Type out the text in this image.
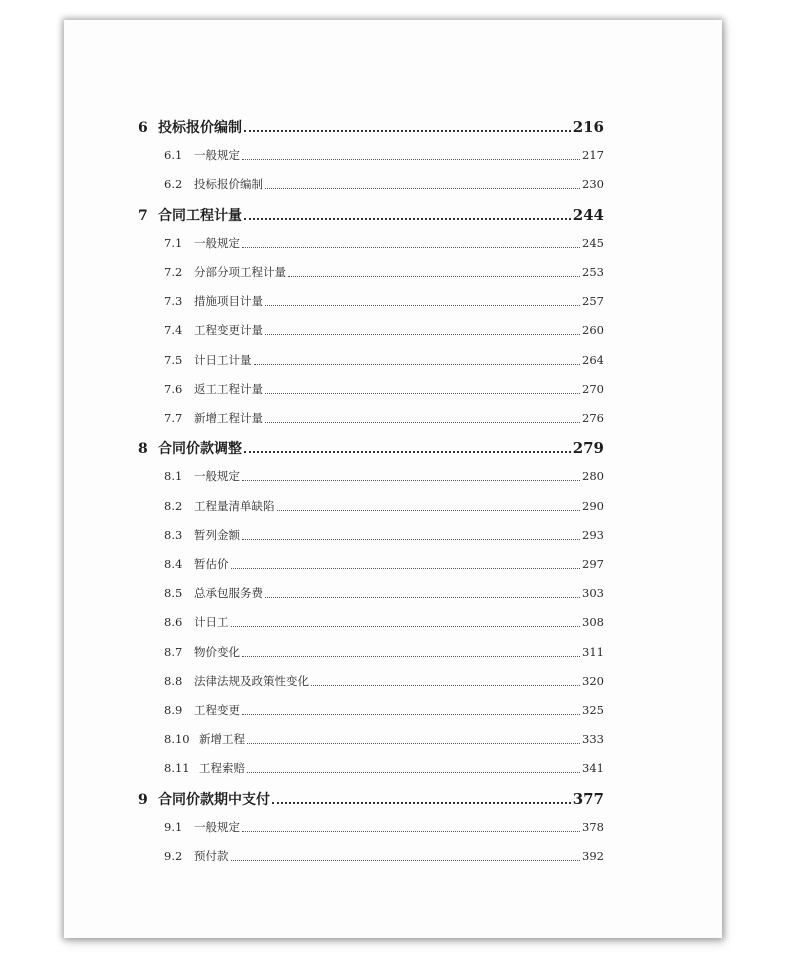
6 投标报价编制	216
6.1	一般规定	217
6.2	投标报价编制	230
7 合同工程计量	244
7.1	一般规定	245
7.2	分部分项工程计量	253
7.3	措施项目计量	257
7.4	工程变更计量	260
7.5	计日工计量	264
7.6	返工工程计量	270
7.7	新增工程计量	276
8 合同价款调整	279
8.1	一般规定	280
8.2	工程量清单缺陷	290
8.3	暂列金额	293
8.4	暂估价	297
8.5	总承包服务费	303
8.6	计日工	308
8.7	物价变化	311
8.8	法律法规及政策性变化	320
8.9	工程变更	325
8.10 新增工程	333
8.11 工程索赔	341
9 合同价款期中支付	377
9.1	一般规定	378
9.2	预付款	392
